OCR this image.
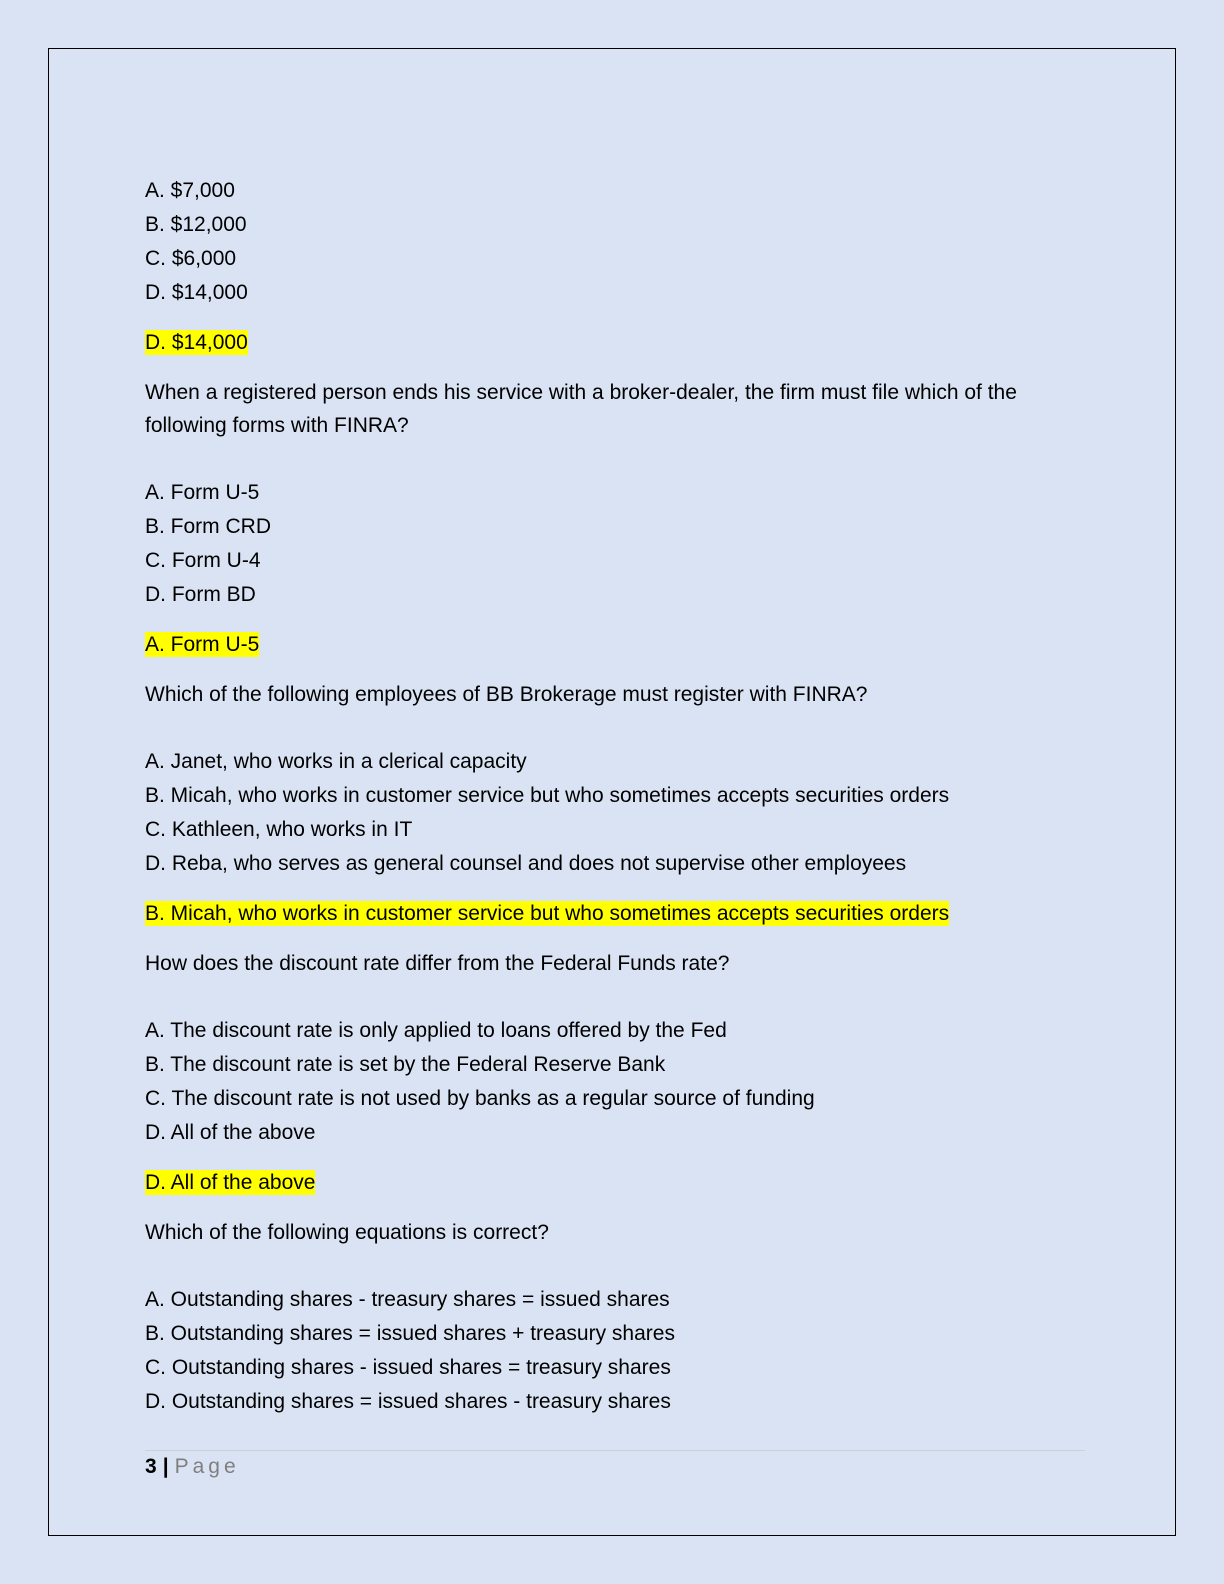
A. $7,000
B. $12,000
C. $6,000
D. $14,000
D. $14,000
When a registered person ends his service with a broker-dealer, the firm must file which of the following forms with FINRA?
A. Form U-5
B. Form CRD
C. Form U-4
D. Form BD
A. Form U-5
Which of the following employees of BB Brokerage must register with FINRA?
A. Janet, who works in a clerical capacity
B. Micah, who works in customer service but who sometimes accepts securities orders
C. Kathleen, who works in IT
D. Reba, who serves as general counsel and does not supervise other employees
B. Micah, who works in customer service but who sometimes accepts securities orders
How does the discount rate differ from the Federal Funds rate?
A. The discount rate is only applied to loans offered by the Fed
B. The discount rate is set by the Federal Reserve Bank
C. The discount rate is not used by banks as a regular source of funding
D. All of the above
D. All of the above
Which of the following equations is correct?
A. Outstanding shares - treasury shares = issued shares
B. Outstanding shares = issued shares + treasury shares
C. Outstanding shares - issued shares = treasury shares
D. Outstanding shares = issued shares - treasury shares
3 | Page
